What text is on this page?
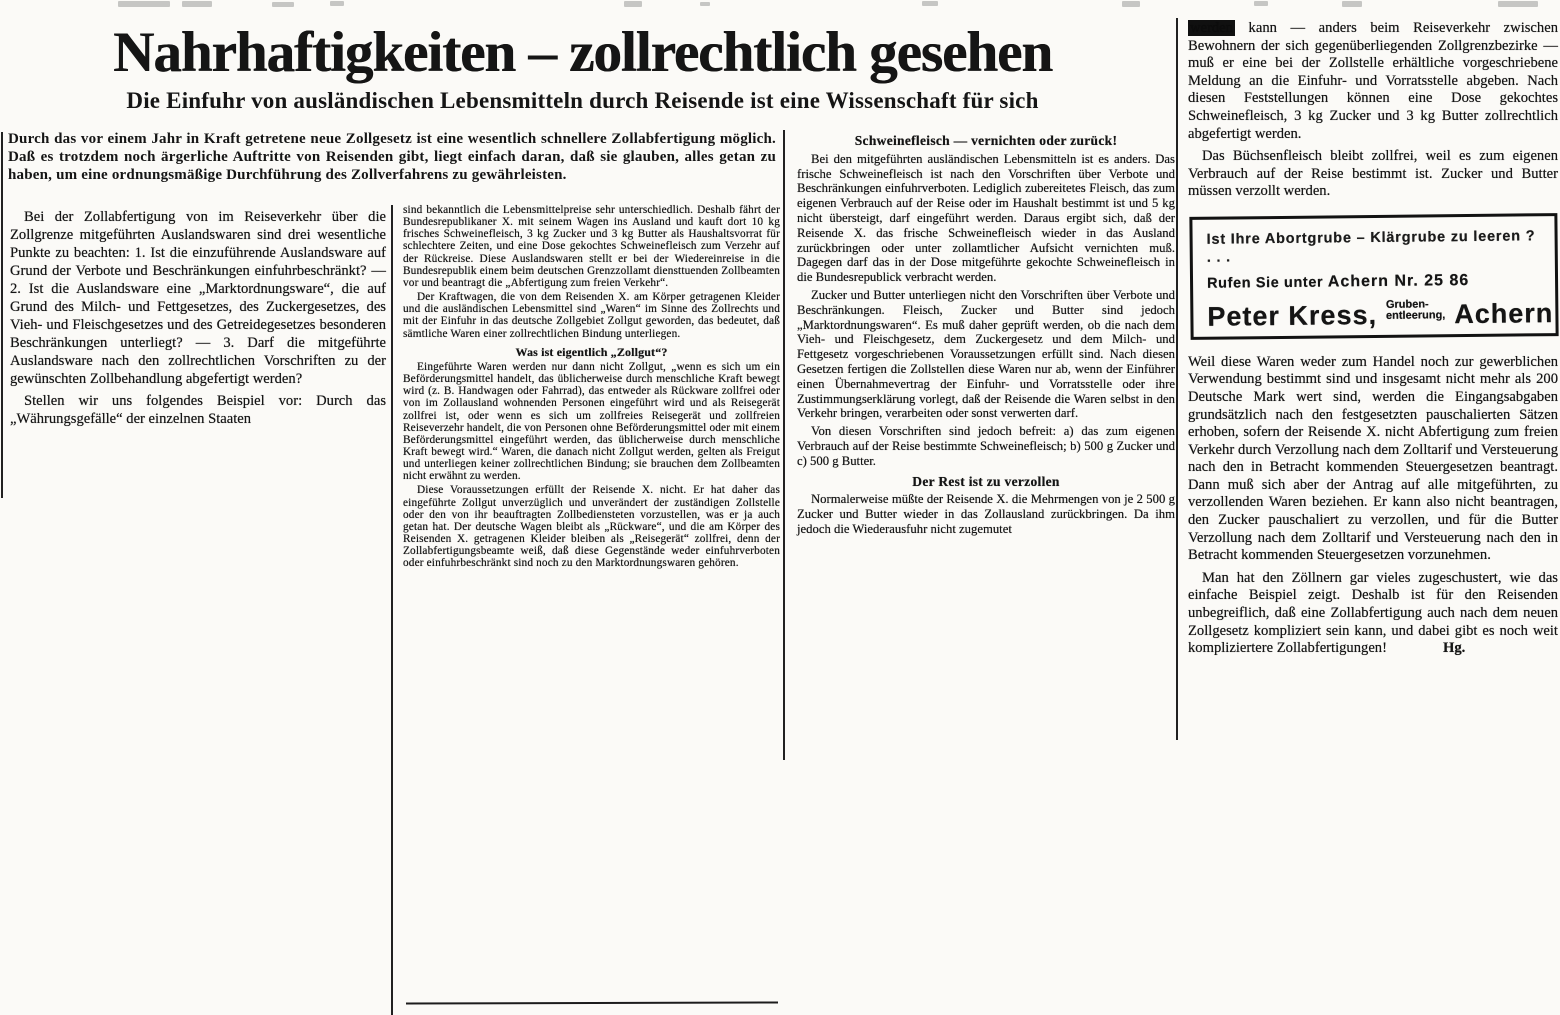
Nahrhaftigkeiten – zollrechtlich gesehen
Die Einfuhr von ausländischen Lebensmitteln durch Reisende ist eine Wissenschaft für sich
Durch das vor einem Jahr in Kraft getretene neue Zollgesetz ist eine wesentlich schnellere Zollabfertigung möglich. Daß es trotzdem noch ärgerliche Auftritte von Reisenden gibt, liegt einfach daran, daß sie glauben, alles getan zu haben, um eine ordnungsmäßige Durchführung des Zollverfahrens zu gewährleisten.

Bei der Zollabfertigung von im Reiseverkehr über die Zollgrenze mitgeführten Auslandswaren sind drei wesentliche Punkte zu beachten: 1. Ist die einzuführende Auslandsware auf Grund der Verbote und Beschränkungen einfuhrbeschränkt? — 2. Ist die Auslandsware eine „Marktordnungsware“, die auf Grund des Milch- und Fettgesetzes, des Zuckergesetzes, des Vieh- und Fleischgesetzes und des Getreidegesetzes besonderen Beschränkungen unterliegt? — 3. Darf die mitgeführte Auslandsware nach den zollrechtlichen Vorschriften zu der gewünschten Zollbehandlung abgefertigt werden?

Stellen wir uns folgendes Beispiel vor: Durch das „Währungsgefälle“ der einzelnen Staaten

sind bekanntlich die Lebensmittelpreise sehr unterschiedlich. Deshalb fährt der Bundesrepublikaner X. mit seinem Wagen ins Ausland und kauft dort 10 kg frisches Schweinefleisch, 3 kg Zucker und 3 kg Butter als Haushaltsvorrat für schlechtere Zeiten, und eine Dose gekochtes Schweinefleisch zum Verzehr auf der Rückreise. Diese Auslandswaren stellt er bei der Wiedereinreise in die Bundesrepublik einem beim deutschen Grenzzollamt diensttuenden Zollbeamten vor und beantragt die „Abfertigung zum freien Verkehr“.

Der Kraftwagen, die von dem Reisenden X. am Körper getragenen Kleider und die ausländischen Lebensmittel sind „Waren“ im Sinne des Zollrechts und mit der Einfuhr in das deutsche Zollgebiet Zollgut geworden, das bedeutet, daß sämtliche Waren einer zollrechtlichen Bindung unterliegen.

Was ist eigentlich „Zollgut“?

Eingeführte Waren werden nur dann nicht Zollgut, „wenn es sich um ein Beförderungsmittel handelt, das üblicherweise durch menschliche Kraft bewegt wird (z. B. Handwagen oder Fahrrad), das entweder als Rückware zollfrei oder von im Zollausland wohnenden Personen eingeführt wird und als Reisegerät zollfrei ist, oder wenn es sich um zollfreies Reisegerät und zollfreien Reiseverzehr handelt, die von Personen ohne Beförderungsmittel oder mit einem Beförderungsmittel eingeführt werden, das üblicherweise durch menschliche Kraft bewegt wird.“ Waren, die danach nicht Zollgut werden, gelten als Freigut und unterliegen keiner zollrechtlichen Bindung; sie brauchen dem Zollbeamten nicht erwähnt zu werden.

Diese Voraussetzungen erfüllt der Reisende X. nicht. Er hat daher das eingeführte Zollgut unverzüglich und unverändert der zuständigen Zollstelle oder den von ihr beauftragten Zollbediensteten vorzustellen, was er ja auch getan hat. Der deutsche Wagen bleibt als „Rückware“, und die am Körper des Reisenden X. getragenen Kleider bleiben als „Reisegerät“ zollfrei, denn der Zollabfertigungsbeamte weiß, daß diese Gegenstände weder einfuhrverboten oder einfuhrbeschränkt sind noch zu den Marktordnungswaren gehören.

Schweinefleisch — vernichten oder zurück!

Bei den mitgeführten ausländischen Lebensmitteln ist es anders. Das frische Schweinefleisch ist nach den Vorschriften über Verbote und Beschränkungen einfuhrverboten. Lediglich zubereitetes Fleisch, das zum eigenen Verbrauch auf der Reise oder im Haushalt bestimmt ist und 5 kg nicht übersteigt, darf eingeführt werden. Daraus ergibt sich, daß der Reisende X. das frische Schweinefleisch wieder in das Ausland zurückbringen oder unter zollamtlicher Aufsicht vernichten muß. Dagegen darf das in der Dose mitgeführte gekochte Schweinefleisch in die Bundesrepublick verbracht werden.

Zucker und Butter unterliegen nicht den Vorschriften über Verbote und Beschränkungen. Fleisch, Zucker und Butter sind jedoch „Marktordnungswaren“. Es muß daher geprüft werden, ob die nach dem Vieh- und Fleischgesetz, dem Zuckergesetz und dem Milch- und Fettgesetz vorgeschriebenen Voraussetzungen erfüllt sind. Nach diesen Gesetzen fertigen die Zollstellen diese Waren nur ab, wenn der Einführer einen Übernahmevertrag der Einfuhr- und Vorratsstelle oder ihre Zustimmungserklärung vorlegt, daß der Reisende die Waren selbst in den Verkehr bringen, verarbeiten oder sonst verwerten darf.

Von diesen Vorschriften sind jedoch befreit: a) das zum eigenen Verbrauch auf der Reise bestimmte Schweinefleisch; b) 500 g Zucker und c) 500 g Butter.

Der Rest ist zu verzollen

Normalerweise müßte der Reisende X. die Mehrmengen von je 2 500 g Zucker und Butter wieder in das Zollausland zurückbringen. Da ihm jedoch die Wiederausfuhr nicht zugemutet

werden kann — anders beim Reiseverkehr zwischen Bewohnern der sich gegenüberliegenden Zollgrenzbezirke — muß er eine bei der Zollstelle erhältliche vorgeschriebene Meldung an die Einfuhr- und Vorratsstelle abgeben. Nach diesen Feststellungen können eine Dose gekochtes Schweinefleisch, 3 kg Zucker und 3 kg Butter zollrechtlich abgefertigt werden.

Das Büchsenfleisch bleibt zollfrei, weil es zum eigenen Verbrauch auf der Reise bestimmt ist. Zucker und Butter müssen verzollt werden.

Ist Ihre Abortgrube – Klärgrube zu leeren ? . . .
Rufen Sie unter Achern Nr. 25 86
Peter Kress, Gruben-
entleerung, Achern

Weil diese Waren weder zum Handel noch zur gewerblichen Verwendung bestimmt sind und insgesamt nicht mehr als 200 Deutsche Mark wert sind, werden die Eingangsabgaben grundsätzlich nach den festgesetzten pauschalierten Sätzen erhoben, sofern der Reisende X. nicht Abfertigung zum freien Verkehr durch Verzollung nach dem Zolltarif und Versteuerung nach den in Betracht kommenden Steuergesetzen beantragt. Dann muß sich aber der Antrag auf alle mitgeführten, zu verzollenden Waren beziehen. Er kann also nicht beantragen, den Zucker pauschaliert zu verzollen, und für die Butter Verzollung nach dem Zolltarif und Versteuerung nach den in Betracht kommenden Steuergesetzen vorzunehmen.

Man hat den Zöllnern gar vieles zugeschustert, wie das einfache Beispiel zeigt. Deshalb ist für den Reisenden unbegreiflich, daß eine Zollabfertigung auch nach dem neuen Zollgesetz kompliziert sein kann, und dabei gibt es noch weit kompliziertere Zollabfertigungen!	Hg.
